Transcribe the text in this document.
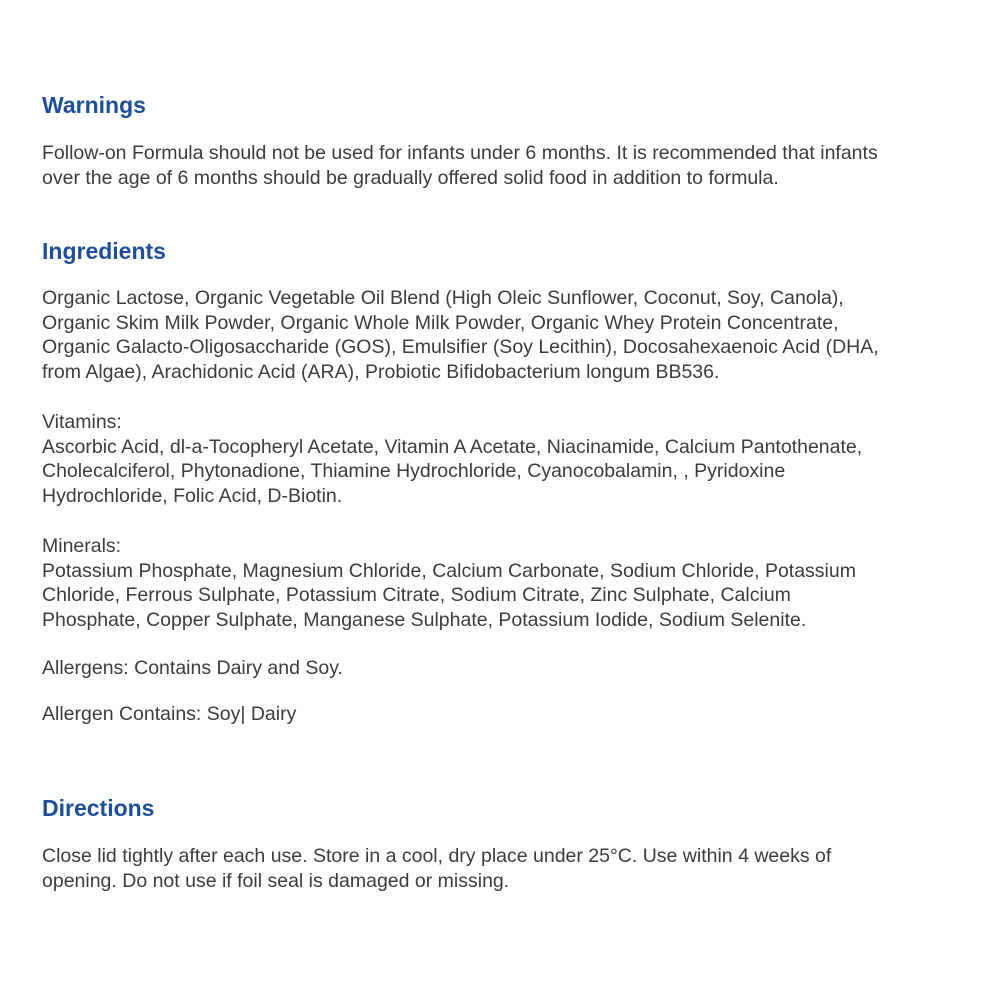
Warnings

Follow-on Formula should not be used for infants under 6 months. It is recommended that infants
over the age of 6 months should be gradually offered solid food in addition to formula.

Ingredients

Organic Lactose, Organic Vegetable Oil Blend (High Oleic Sunflower, Coconut, Soy, Canola),
Organic Skim Milk Powder, Organic Whole Milk Powder, Organic Whey Protein Concentrate,
Organic Galacto-Oligosaccharide (GOS), Emulsifier (Soy Lecithin), Docosahexaenoic Acid (DHA,
from Algae), Arachidonic Acid (ARA), Probiotic Bifidobacterium longum BB536.

Vitamins:
Ascorbic Acid, dl-a-Tocopheryl Acetate, Vitamin A Acetate, Niacinamide, Calcium Pantothenate,
Cholecalciferol, Phytonadione, Thiamine Hydrochloride, Cyanocobalamin, , Pyridoxine
Hydrochloride, Folic Acid, D-Biotin.

Minerals:
Potassium Phosphate, Magnesium Chloride, Calcium Carbonate, Sodium Chloride, Potassium
Chloride, Ferrous Sulphate, Potassium Citrate, Sodium Citrate, Zinc Sulphate, Calcium
Phosphate, Copper Sulphate, Manganese Sulphate, Potassium Iodide, Sodium Selenite.

Allergens: Contains Dairy and Soy.

Allergen Contains: Soy| Dairy

Directions

Close lid tightly after each use. Store in a cool, dry place under 25°C. Use within 4 weeks of
opening. Do not use if foil seal is damaged or missing.
